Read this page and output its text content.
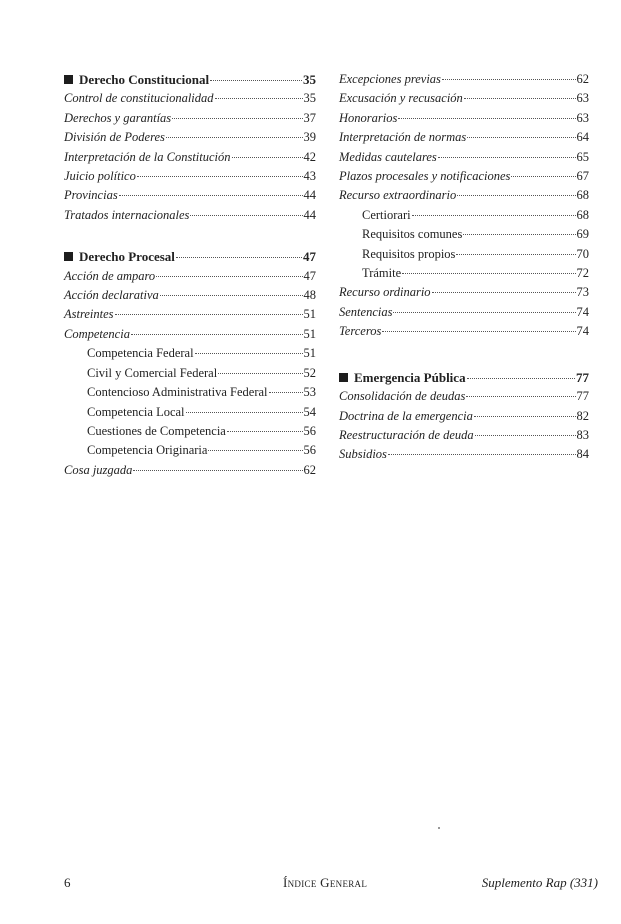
Derecho Constitucional	35
Control de constitucionalidad	35
Derechos y garantías	37
División de Poderes	39
Interpretación de la Constitución	42
Juicio político	43
Provincias	44
Tratados internacionales	44
Derecho Procesal	47
Acción de amparo	47
Acción declarativa	48
Astreintes	51
Competencia	51
Competencia Federal	51
Civil y Comercial Federal	52
Contencioso Administrativa Federal	53
Competencia Local	54
Cuestiones de Competencia	56
Competencia Originaria	56
Cosa juzgada	62
Excepciones previas	62
Excusación y recusación	63
Honorarios	63
Interpretación de normas	64
Medidas cautelares	65
Plazos procesales y notificaciones	67
Recurso extraordinario	68
Certiorari	68
Requisitos comunes	69
Requisitos propios	70
Trámite	72
Recurso ordinario	73
Sentencias	74
Terceros	74
Emergencia Pública	77
Consolidación de deudas	77
Doctrina de la emergencia	82
Reestructuración de deuda	83
Subsidios	84
6	Índice General	Suplemento Rap (331)
